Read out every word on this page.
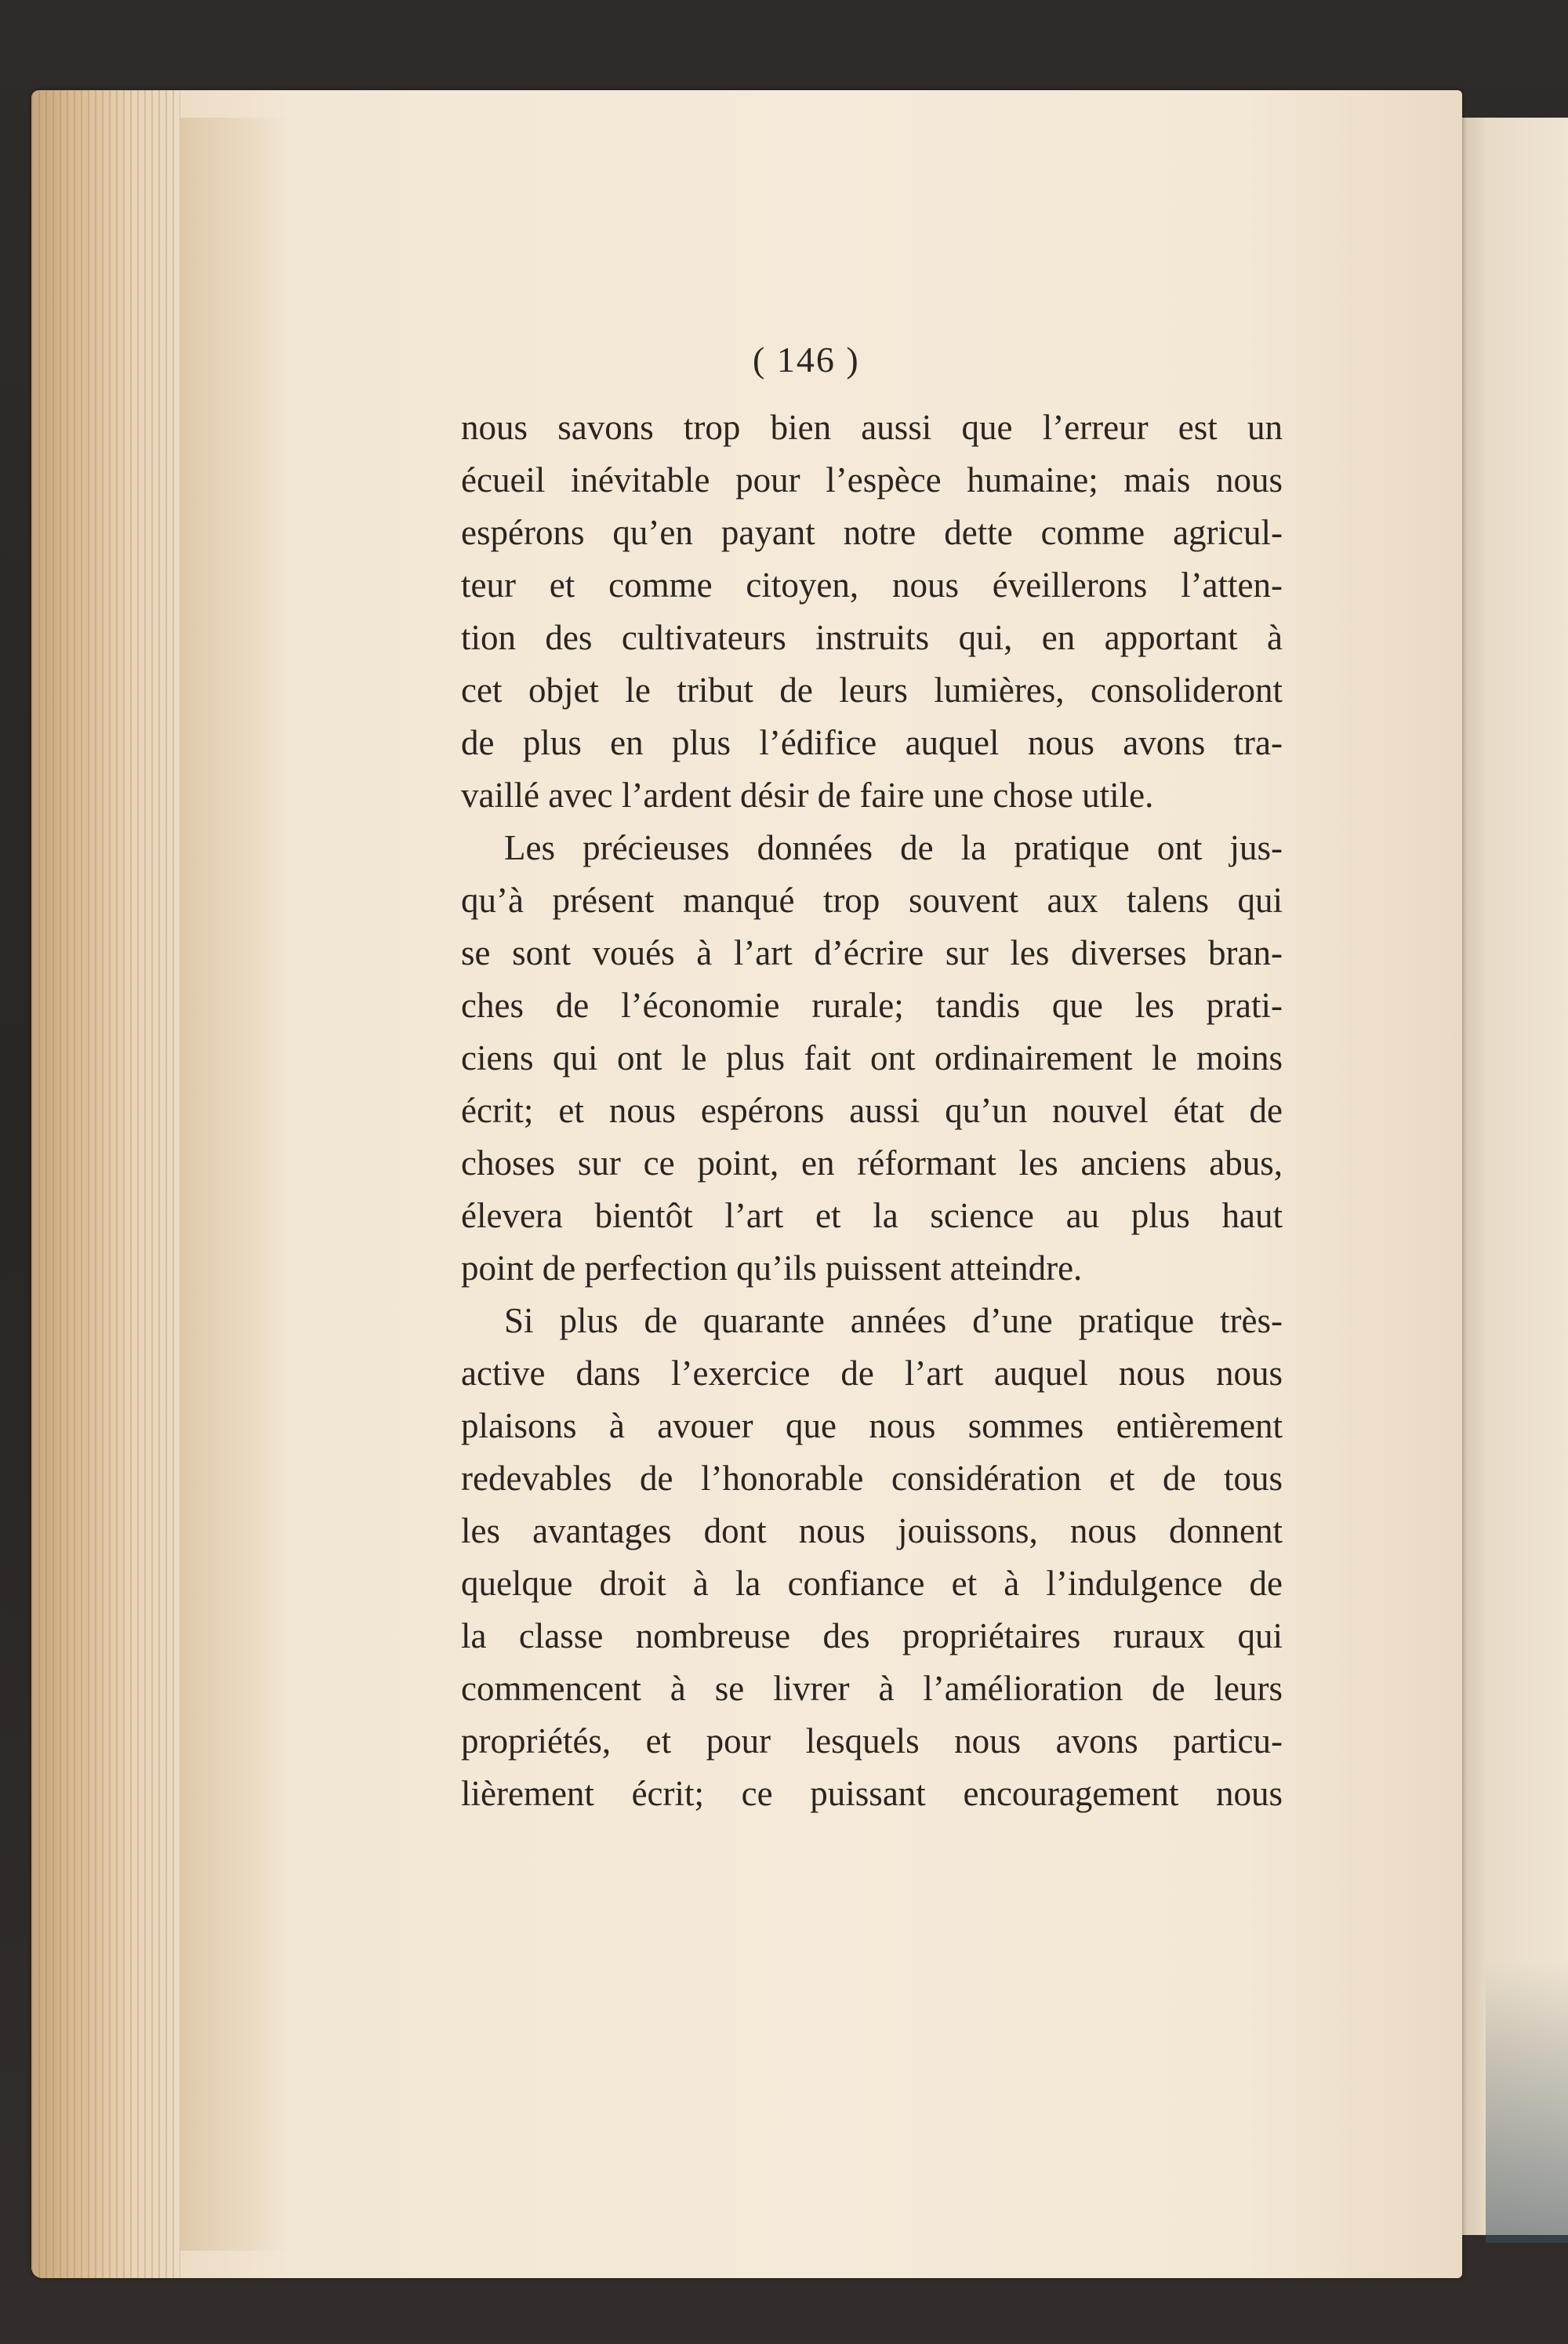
( 146 )
nous savons trop bien aussi que l’erreur est un
écueil inévitable pour l’espèce humaine; mais nous
espérons qu’en payant notre dette comme agricul-
teur et comme citoyen, nous éveillerons l’atten-
tion des cultivateurs instruits qui, en apportant à
cet objet le tribut de leurs lumières, consolideront
de plus en plus l’édifice auquel nous avons tra-
vaillé avec l’ardent désir de faire une chose utile.
Les précieuses données de la pratique ont jus-
qu’à présent manqué trop souvent aux talens qui
se sont voués à l’art d’écrire sur les diverses bran-
ches de l’économie rurale; tandis que les prati-
ciens qui ont le plus fait ont ordinairement le moins
écrit; et nous espérons aussi qu’un nouvel état de
choses sur ce point, en réformant les anciens abus,
élevera bientôt l’art et la science au plus haut
point de perfection qu’ils puissent atteindre.
Si plus de quarante années d’une pratique très-
active dans l’exercice de l’art auquel nous nous
plaisons à avouer que nous sommes entièrement
redevables de l’honorable considération et de tous
les avantages dont nous jouissons, nous donnent
quelque droit à la confiance et à l’indulgence de
la classe nombreuse des propriétaires ruraux qui
commencent à se livrer à l’amélioration de leurs
propriétés, et pour lesquels nous avons particu-
lièrement écrit; ce puissant encouragement nous
